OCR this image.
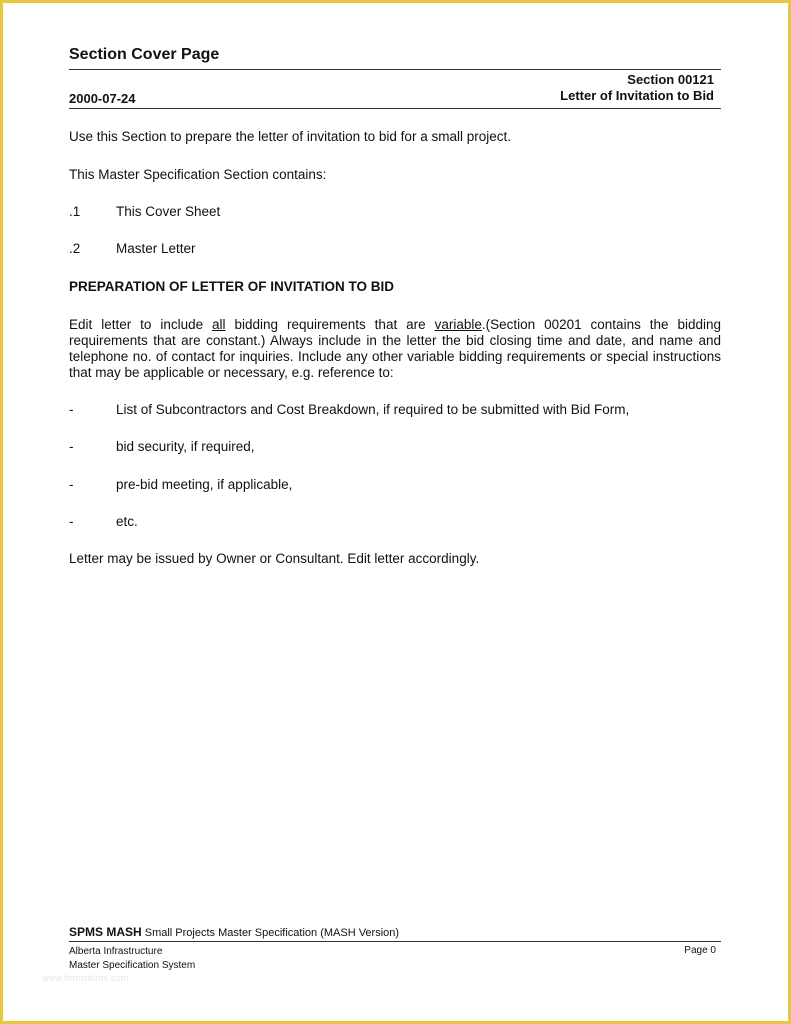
Section Cover Page
2000-07-24
Section 00121
Letter of Invitation to Bid

Use this Section to prepare the letter of invitation to bid for a small project.

This Master Specification Section contains:

.1	This Cover Sheet
.2	Master Letter
PREPARATION OF LETTER OF INVITATION TO BID

Edit letter to include all bidding requirements that are variable.(Section 00201 contains the bidding requirements that are constant.) Always include in the letter the bid closing time and date, and name and telephone no. of contact for inquiries. Include any other variable bidding requirements or special instructions that may be applicable or necessary, e.g. reference to:

-	List of Subcontractors and Cost Breakdown, if required to be submitted with Bid Form,
-	bid security, if required,
-	pre-bid meeting, if applicable,
-	etc.

Letter may be issued by Owner or Consultant. Edit letter accordingly.

SPMS MASH Small Projects Master Specification (MASH Version)
Alberta Infrastructure
Master Specification System
Page 0
www.formsbirds.com
